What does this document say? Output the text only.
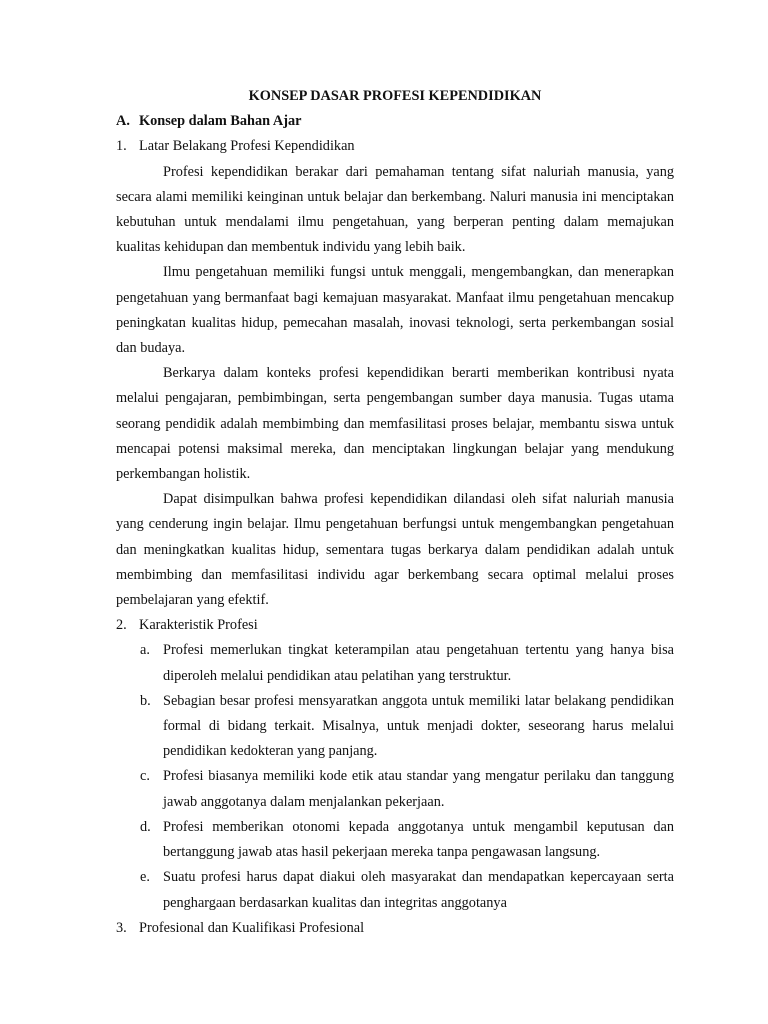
KONSEP DASAR PROFESI KEPENDIDIKAN

A. Konsep dalam Bahan Ajar

1. Latar Belakang Profesi Kependidikan

Profesi kependidikan berakar dari pemahaman tentang sifat naluriah manusia, yang secara alami memiliki keinginan untuk belajar dan berkembang. Naluri manusia ini menciptakan kebutuhan untuk mendalami ilmu pengetahuan, yang berperan penting dalam memajukan kualitas kehidupan dan membentuk individu yang lebih baik.

Ilmu pengetahuan memiliki fungsi untuk menggali, mengembangkan, dan menerapkan pengetahuan yang bermanfaat bagi kemajuan masyarakat. Manfaat ilmu pengetahuan mencakup peningkatan kualitas hidup, pemecahan masalah, inovasi teknologi, serta perkembangan sosial dan budaya.

Berkarya dalam konteks profesi kependidikan berarti memberikan kontribusi nyata melalui pengajaran, pembimbingan, serta pengembangan sumber daya manusia. Tugas utama seorang pendidik adalah membimbing dan memfasilitasi proses belajar, membantu siswa untuk mencapai potensi maksimal mereka, dan menciptakan lingkungan belajar yang mendukung perkembangan holistik.

Dapat disimpulkan bahwa profesi kependidikan dilandasi oleh sifat naluriah manusia yang cenderung ingin belajar. Ilmu pengetahuan berfungsi untuk mengembangkan pengetahuan dan meningkatkan kualitas hidup, sementara tugas berkarya dalam pendidikan adalah untuk membimbing dan memfasilitasi individu agar berkembang secara optimal melalui proses pembelajaran yang efektif.

2. Karakteristik Profesi

a. Profesi memerlukan tingkat keterampilan atau pengetahuan tertentu yang hanya bisa diperoleh melalui pendidikan atau pelatihan yang terstruktur.
b. Sebagian besar profesi mensyaratkan anggota untuk memiliki latar belakang pendidikan formal di bidang terkait. Misalnya, untuk menjadi dokter, seseorang harus melalui pendidikan kedokteran yang panjang.
c. Profesi biasanya memiliki kode etik atau standar yang mengatur perilaku dan tanggung jawab anggotanya dalam menjalankan pekerjaan.
d. Profesi memberikan otonomi kepada anggotanya untuk mengambil keputusan dan bertanggung jawab atas hasil pekerjaan mereka tanpa pengawasan langsung.
e. Suatu profesi harus dapat diakui oleh masyarakat dan mendapatkan kepercayaan serta penghargaan berdasarkan kualitas dan integritas anggotanya

3. Profesional dan Kualifikasi Profesional
